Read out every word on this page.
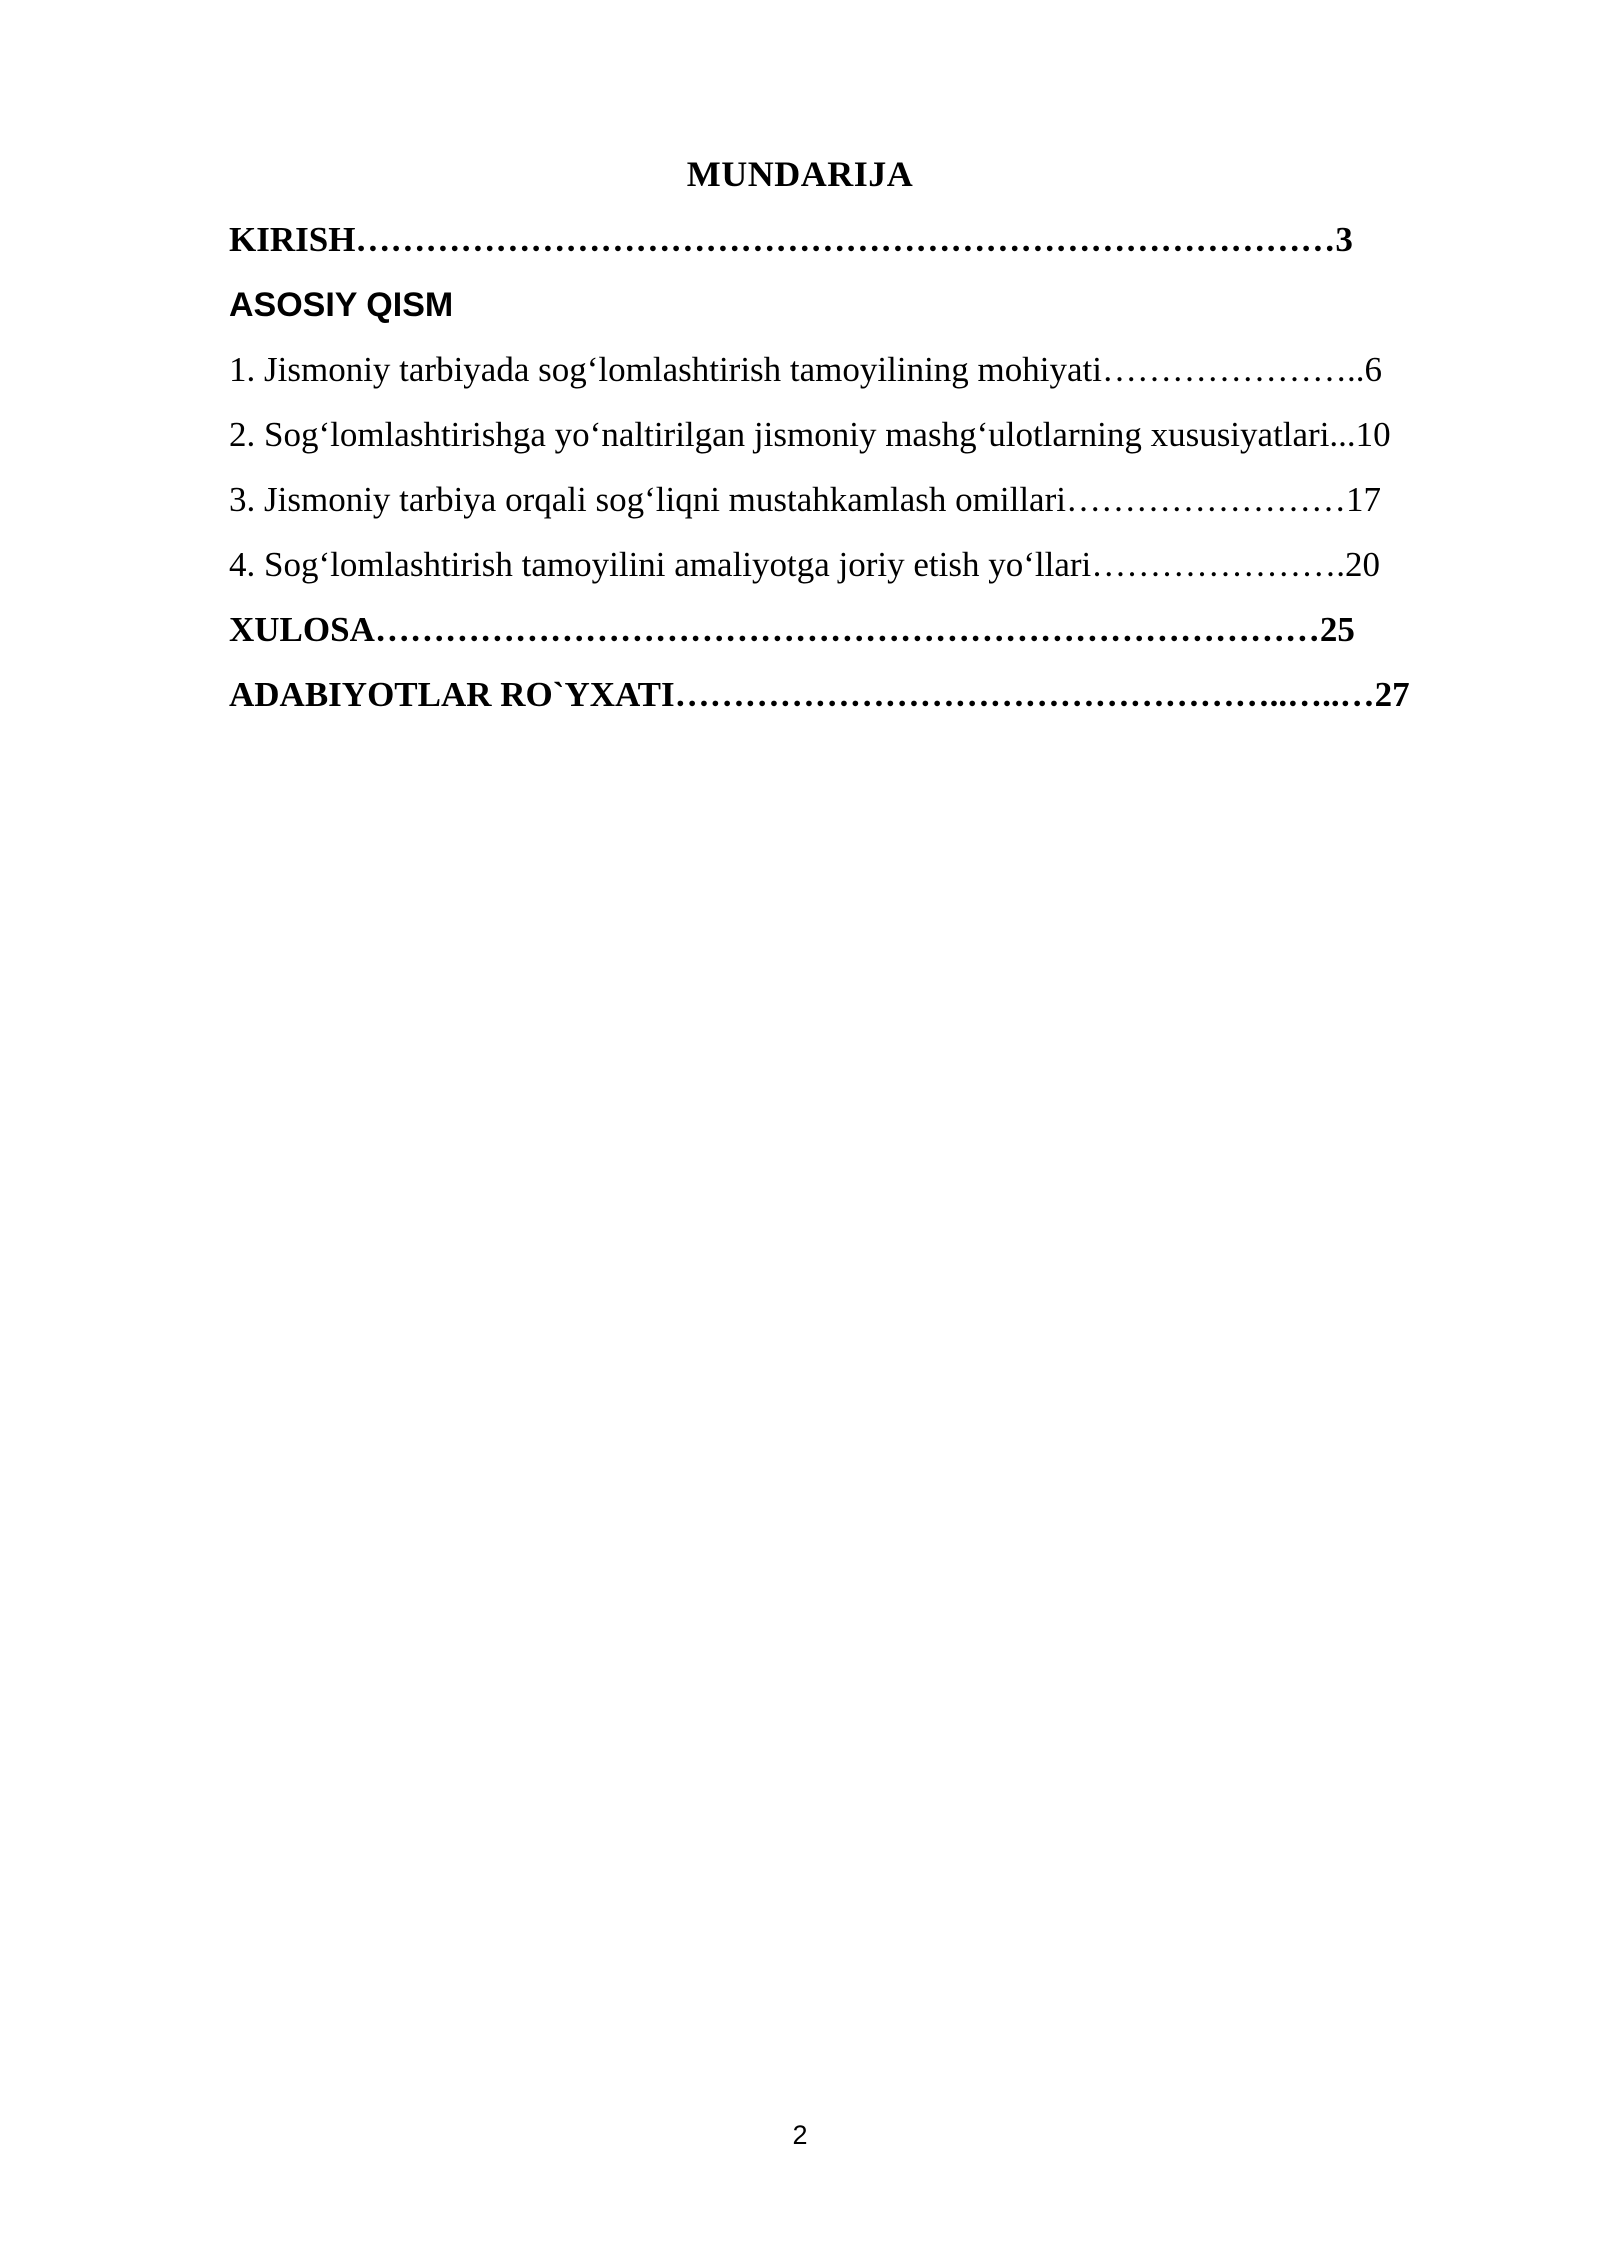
MUNDARIJA
KIRISH…………………………………………………………………………3
ASOSIY QISM
1. Jismoniy tarbiyada sog‘lomlashtirish tamoyilining mohiyati…………………..6
2. Sog‘lomlashtirishga yo‘naltirilgan jismoniy mashg‘ulotlarning xususiyatlari...10
3. Jismoniy tarbiya orqali sog‘liqni mustahkamlash omillari……………………17
4. Sog‘lomlashtirish tamoyilini amaliyotga joriy etish yo‘llari………………….20
XULOSA………………………………………………………………………25
ADABIYOTLAR RO`YXATI……………………………………………..…..…27
2
